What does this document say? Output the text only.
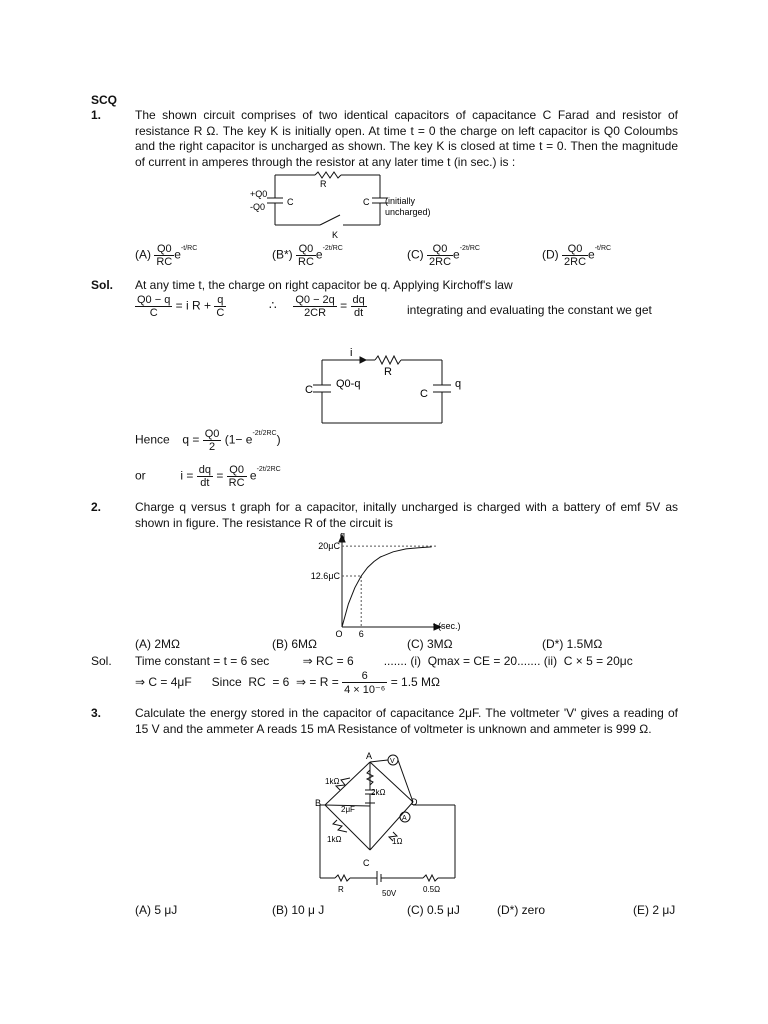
SCQ
1.	The shown circuit comprises of two identical capacitors of capacitance C Farad and resistor of resistance R Ω. The key K is initially open. At time t = 0 the charge on left capacitor is Q0 Coloumbs and the right capacitor is uncharged as shown. The key K is closed at time t = 0. Then the magnitude of current in amperes through the resistor at any later time t (in sec.) is :
+Q0
-Q0 C
R
C
K
(initially
uncharged)
$(A) \frac{Q0}{RC} e^{-t/RC}$	$(B*) \frac{Q0}{RC} e^{-2t/RC}$	$(C) \frac{Q0}{2RC} e^{-2t/RC}$	$(D) \frac{Q0}{2RC} e^{-t/RC}$
Sol. At any time t, the charge on right capacitor be q. Applying Kirchoff's law
$\frac{Q0 - q}{C} = i$ $R + \frac{q}{C}$	∴ $\frac{Q0 - 2q}{2CR} = \frac{dq}{dt}$	integrating and evaluating the constant we get
i
R
C Q0-q
C
q
Hence $q = \frac{Q0}{2} (1- e^{-2t/2RC})$
or	$i = \frac{dq}{dt} = \frac{Q0}{RC} e^{-2t/2RC}$
2.	Charge q versus t graph for a capacitor, initally uncharged is charged with a battery of emf 5V as shown in figure. The resistance R of the circuit is
q
t (sec.)
20μC
12.6μC
O 6
(A) 2MΩ	(B) 6MΩ	(C) 3MΩ	(D*) 1.5MΩ
Sol. Time constant = t = 6 sec          ⇒ RC = 6         ....... (i)  Qmax = CE = 20....... (ii)  C × 5 = 20μc
⇒ C = 4μF      Since  RC  = 6  ⇒ = $R = \frac{6}{\text{4 × 10⁻⁶}} = 1.5$ MΩ
3.	Calculate the energy stored in the capacitor of capacitance 2μF. The voltmeter 'V' gives a reading of 15 V and the ammeter A reads 15 mA Resistance of voltmeter is unknown and ammeter is 999 Ω.
A
B
C
D
1kΩ
2kΩ
1kΩ	1Ω
2μF
V
A
R	50V	0.5Ω
(A) 5 μJ	(B) 10 μ J	(C) 0.5 μJ	(D*) zero	(E) 2 μJ
